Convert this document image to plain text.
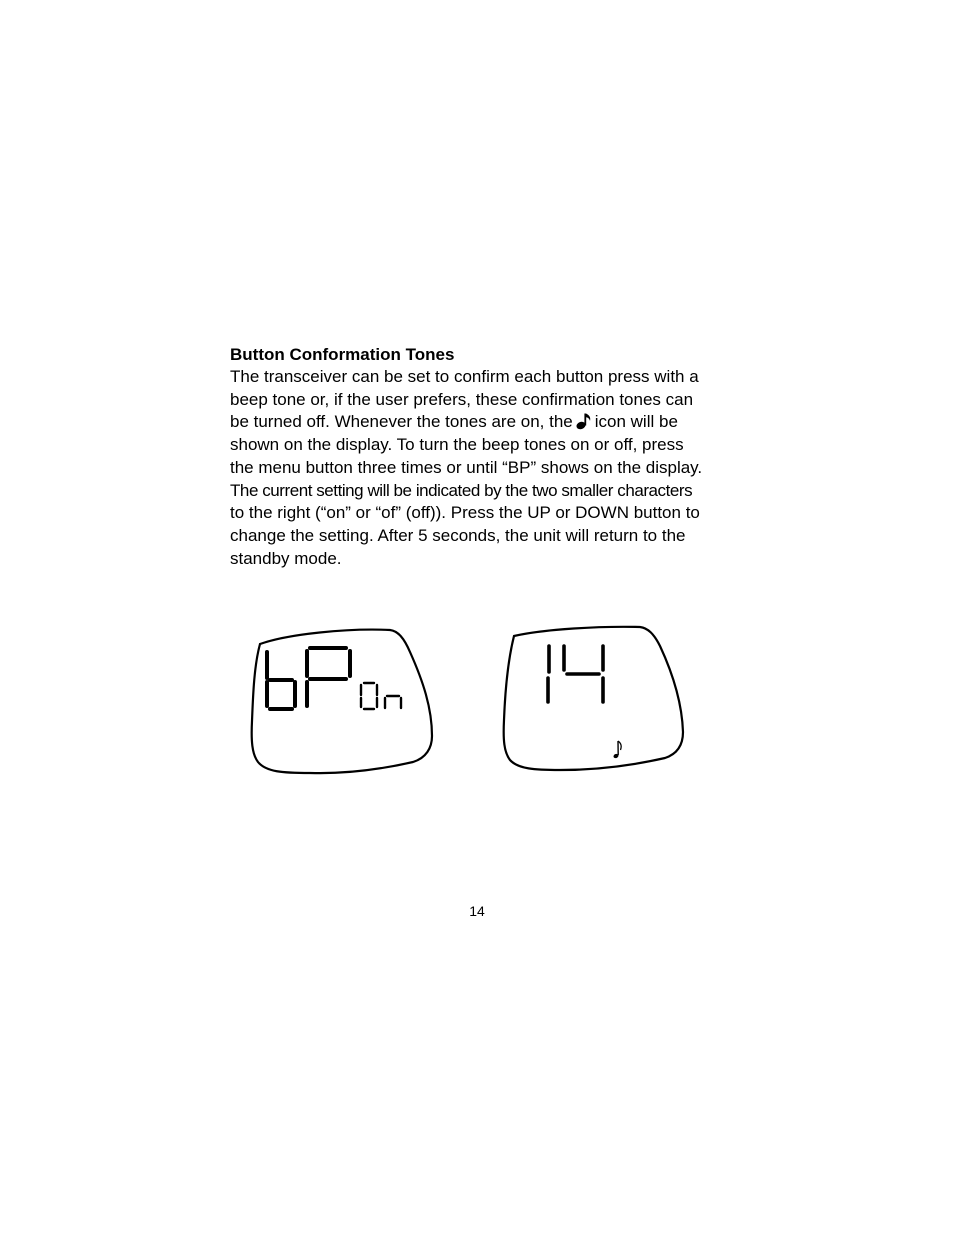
Button Conformation Tones

The transceiver can be set to confirm each button press with a
beep tone or, if the user prefers, these confirmation tones can
be turned off. Whenever the tones are on, the icon will be
shown on the display. To turn the beep tones on or off, press
the menu button three times or until “BP” shows on the display.
The current setting will be indicated by the two smaller characters
to the right (“on” or “of” (off)). Press the UP or DOWN button to
change the setting. After 5 seconds, the unit will return to the
standby mode.

14
